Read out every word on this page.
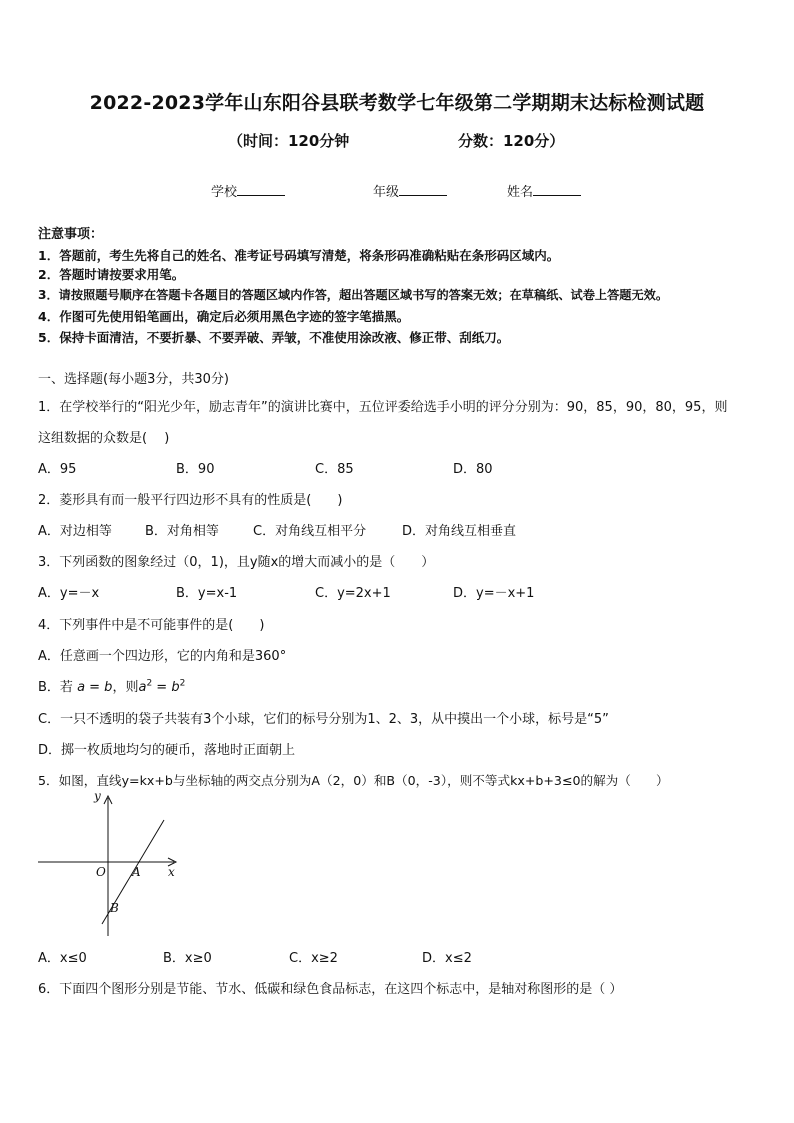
2022-2023学年山东阳谷县联考数学七年级第二学期期末达标检测试题
（时间：120分钟	分数：120分）
学校	年级	姓名
注意事项：
1．答题前，考生先将自己的姓名、准考证号码填写清楚，将条形码准确粘贴在条形码区域内。
2．答题时请按要求用笔。
3．请按照题号顺序在答题卡各题目的答题区域内作答，超出答题区域书写的答案无效；在草稿纸、试卷上答题无效。
4．作图可先使用铅笔画出，确定后必须用黑色字迹的签字笔描黑。
5．保持卡面清洁，不要折暴、不要弄破、弄皱，不准使用涂改液、修正带、刮纸刀。
一、选择题(每小题3分，共30分)
1．在学校举行的“阳光少年，励志青年”的演讲比赛中，五位评委给选手小明的评分分别为：90，85，90，80，95，则
这组数据的众数是(　 )
A．95	B．90	C．85	D．80
2．菱形具有而一般平行四边形不具有的性质是(　　)
A．对边相等	B．对角相等	C．对角线互相平分	D．对角线互相垂直
3．下列函数的图象经过（0，1)，且y随x的增大而减小的是（　　）
A．y=－x	B．y=x-1	C．y=2x+1	D．y=－x+1
4．下列事件中是不可能事件的是(　　)
A．任意画一个四边形，它的内角和是360°
B．若 a = b，则$a^2 = b^2$
C．一只不透明的袋子共装有3个小球，它们的标号分别为1、2、3，从中摸出一个小球，标号是“5”
D．掷一枚质地均匀的硬币，落地时正面朝上
5．如图，直线y=kx+b与坐标轴的两交点分别为A（2，0）和B（0，-3），则不等式kx+b+3≤0的解为（　　）
y
x
O A
B
A．x≤0	B．x≥0	C．x≥2	D．x≤2
6．下面四个图形分别是节能、节水、低碳和绿色食品标志，在这四个标志中，是轴对称图形的是（ ）
